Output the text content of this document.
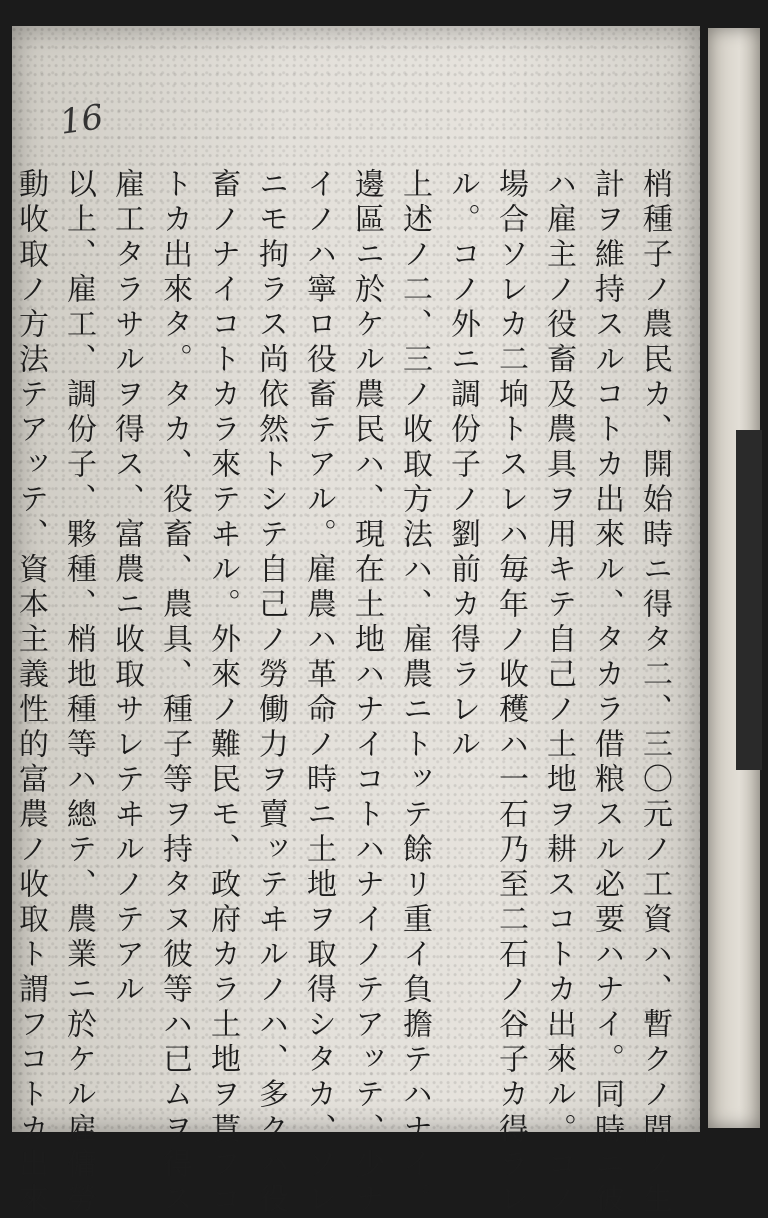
16
梢種子ノ農民カ、開始時ニ得タ二、三〇元ノ工資ハ、暫クノ間ノ生
計ヲ維持スルコトカ出來ル、タカラ借粮スル必要ハナイ。同時ニ彼
ハ雇主ノ役畜及農具ヲ用キテ自己ノ土地ヲ耕スコトカ出來ル。コノ
場合ソレカ二垧トスレハ毎年ノ收穫ハ一石乃至二石ノ谷子カ得ラレ
ル。コノ外ニ調份子ノ劉前カ得ラレル
上述ノ二、三ノ收取方法ハ、雇農ニトッテ餘リ重イ負擔テハナイ。
邊區ニ於ケル農民ハ、現在土地ハナイコトハナイノテアッテ、少ナ
イノハ寧ロ役畜テアル。雇農ハ革命ノ時ニ土地ヲ取得シタカ、ソレ
ニモ拘ラス尚依然トシテ自己ノ勞働力ヲ賣ッテヰルノハ、多クハ役
畜ノナイコトカラ來テヰル。外來ノ難民モ、政府カラ土地ヲ貰フコ
トカ出來タ。タカ、役畜、農具、種子等ヲ持タヌ彼等ハ已ムヲ得ス
雇工タラサルヲ得ス、富農ニ收取サレテヰルノテアル
以上、雇工、調份子、夥種、梢地種等ハ總テ、農業ニ於ケル雇傭勞
動收取ノ方法テアッテ、資本主義性的富農ノ收取ト謂フコトカ出來
